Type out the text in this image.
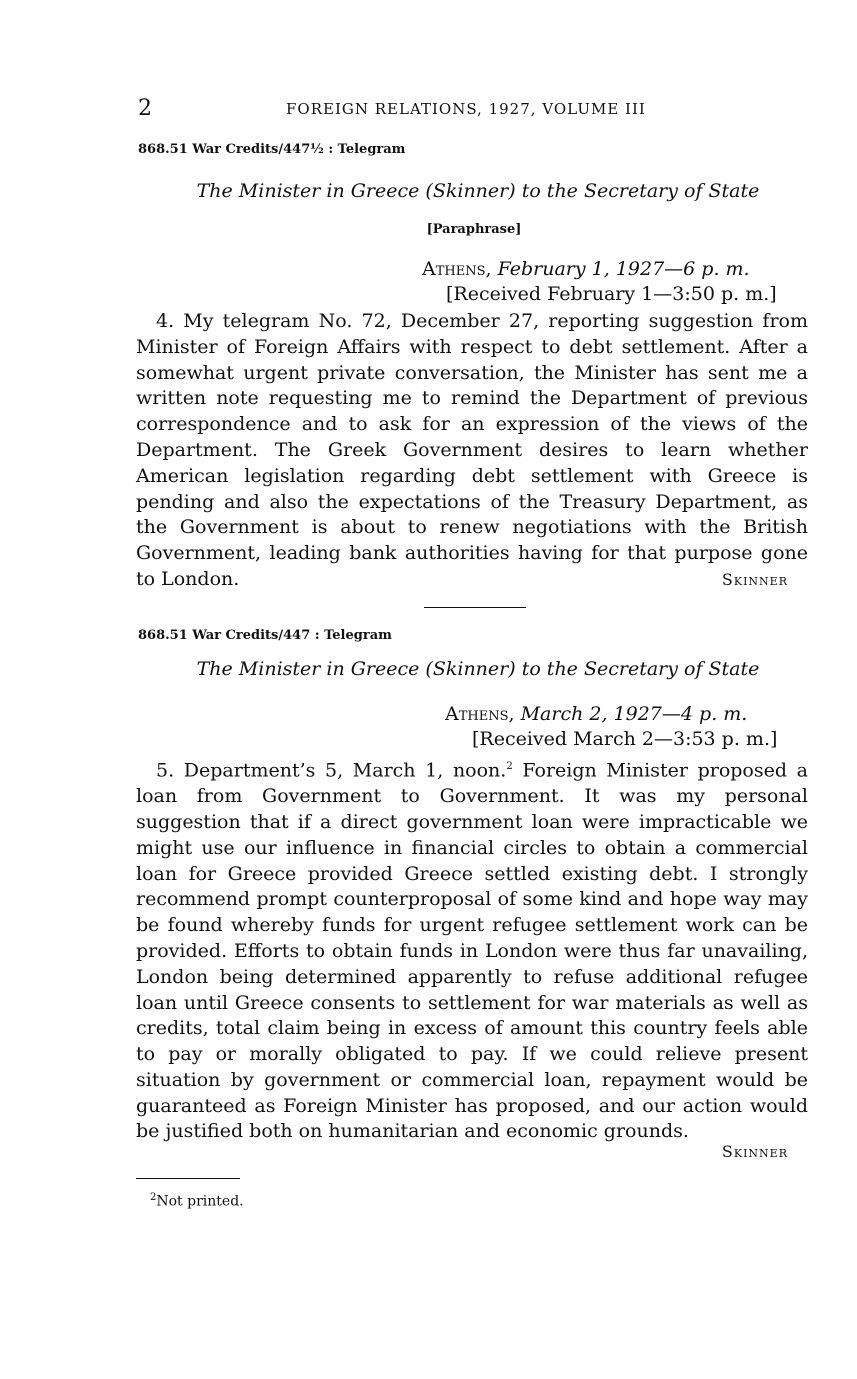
2	FOREIGN RELATIONS, 1927, VOLUME III
868.51 War Credits/447½ : Telegram
The Minister in Greece (Skinner) to the Secretary of State
[Paraphrase]
Athens, February 1, 1927—6 p. m.
[Received February 1—3:50 p. m.]

4. My telegram No. 72, December 27, reporting suggestion from Minister of Foreign Affairs with respect to debt settlement. After a somewhat urgent private conversation, the Minister has sent me a written note requesting me to remind the Department of previous correspondence and to ask for an expression of the views of the Department. The Greek Government desires to learn whether American legislation regarding debt settlement with Greece is pending and also the expectations of the Treasury Department, as the Government is about to renew negotiations with the British Government, leading bank authorities having for that purpose gone to London.	Skinner
868.51 War Credits/447 : Telegram
The Minister in Greece (Skinner) to the Secretary of State
Athens, March 2, 1927—4 p. m.
[Received March 2—3:53 p. m.]

5. Department’s 5, March 1, noon.$^2$ Foreign Minister proposed a loan from Government to Government. It was my personal suggestion that if a direct government loan were impracticable we might use our influence in financial circles to obtain a commercial loan for Greece provided Greece settled existing debt. I strongly recommend prompt counterproposal of some kind and hope way may be found whereby funds for urgent refugee settlement work can be provided. Efforts to obtain funds in London were thus far unavailing, London being determined apparently to refuse additional refugee loan until Greece consents to settlement for war materials as well as credits, total claim being in excess of amount this country feels able to pay or morally obligated to pay. If we could relieve present situation by government or commercial loan, repayment would be guaranteed as Foreign Minister has proposed, and our action would be justified both on humanitarian and economic grounds.

Skinner
$^2$Not printed.
